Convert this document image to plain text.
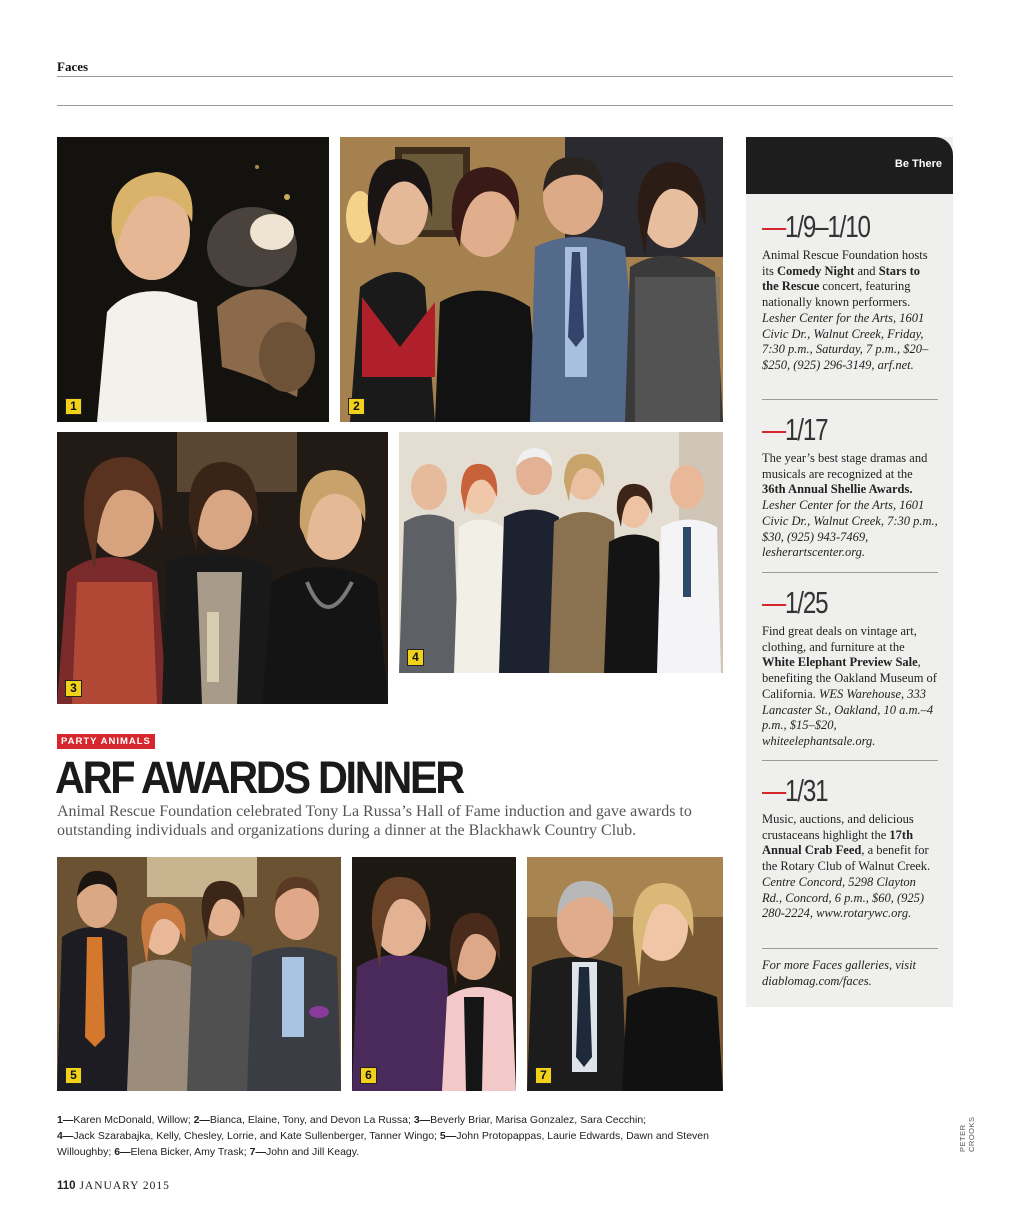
Faces
1	2
3
4
PARTY ANIMALS
ARF AWARDS DINNER
Animal Rescue Foundation celebrated Tony La Russa’s Hall of Fame induction and gave awards to outstanding individuals and organizations during a dinner at the Blackhawk Country Club.
5	6	7
1—Karen McDonald, Willow; 2—Bianca, Elaine, Tony, and Devon La Russa; 3—Beverly Briar, Marisa Gonzalez, Sara Cecchin;
4—Jack Szarabajka, Kelly, Chesley, Lorrie, and Kate Sullenberger, Tanner Wingo; 5—John Protopappas, Laurie Edwards, Dawn and Steven Willoughby; 6—Elena Bicker, Amy Trask; 7—John and Jill Keagy.
110 JANUARY 2015
PETER CROOKS
Be There
—1/9–1/10
Animal Rescue Foundation hosts its Comedy Night and Stars to the Rescue concert, featuring nationally known performers. Lesher Center for the Arts, 1601 Civic Dr., Walnut Creek, Friday, 7:30 p.m., Saturday, 7 p.m., $20–$250, (925) 296-3149, arf.net.
—1/17
The year’s best stage dramas and musicals are recognized at the 36th Annual Shellie Awards. Lesher Center for the Arts, 1601 Civic Dr., Walnut Creek, 7:30 p.m., $30, (925) 943-7469, lesherartscenter.org.
—1/25
Find great deals on vintage art, clothing, and furniture at the White Elephant Preview Sale, benefiting the Oakland Museum of California. WES Warehouse, 333 Lancaster St., Oakland, 10 a.m.–4 p.m., $15–$20, whiteelephantsale.org.
—1/31
Music, auctions, and delicious crustaceans highlight the 17th Annual Crab Feed, a benefit for the Rotary Club of Walnut Creek. Centre Concord, 5298 Clayton Rd., Concord, 6 p.m., $60, (925) 280-2224, www.rotarywc.org.
For more Faces galleries, visit diablomag.com/faces.
